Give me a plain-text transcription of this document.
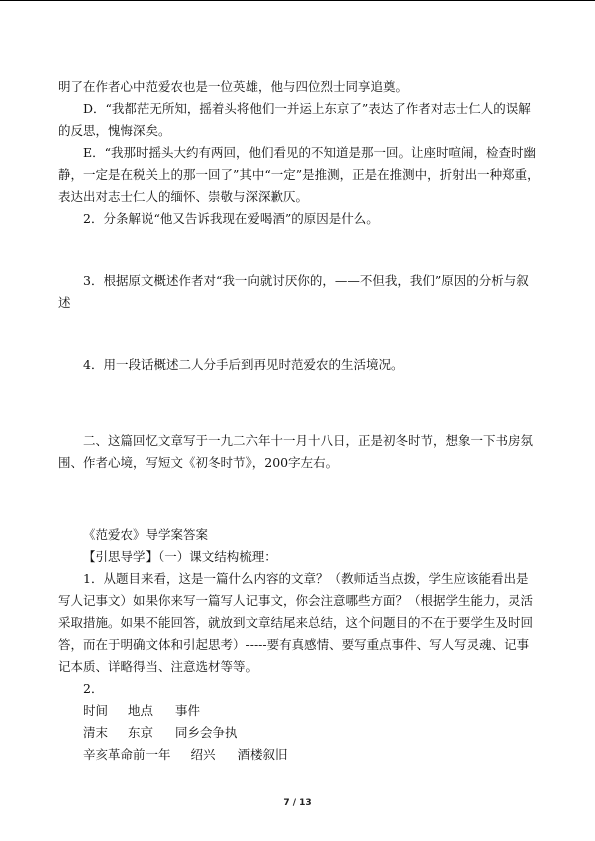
明了在作者心中范爱农也是一位英雄，他与四位烈士同享追奠。

D．“我都茫无所知，摇着头将他们一并运上东京了”表达了作者对志士仁人的误解的反思，愧悔深矣。

E．“我那时摇头大约有两回，他们看见的不知道是那一回。让座时喧闹，检查时幽静，一定是在税关上的那一回了”其中“一定”是推测，正是在推测中，折射出一种郑重，表达出对志士仁人的缅怀、崇敬与深深歉仄。

2．分条解说“他又告诉我现在爱喝酒”的原因是什么。

3．根据原文概述作者对“我一向就讨厌你的，——不但我，我们”原因的分析与叙述

4．用一段话概述二人分手后到再见时范爱农的生活境况。

二、这篇回忆文章写于一九二六年十一月十八日，正是初冬时节，想象一下书房氛围、作者心境，写短文《初冬时节》，200字左右。

《范爱农》导学案答案

【引思导学】（一）课文结构梳理：

1．从题目来看，这是一篇什么内容的文章？（教师适当点拨，学生应该能看出是写人记事文）如果你来写一篇写人记事文，你会注意哪些方面？（根据学生能力，灵活采取措施。如果不能回答，就放到文章结尾来总结，这个问题目的不在于要学生及时回答，而在于明确文体和引起思考）-----要有真感情、要写重点事件、写人写灵魂、记事记本质、详略得当、注意选材等等。

2．

时间 地点 事件
清末 东京 同乡会争执
辛亥革命前一年 绍兴 酒楼叙旧
7 / 13
